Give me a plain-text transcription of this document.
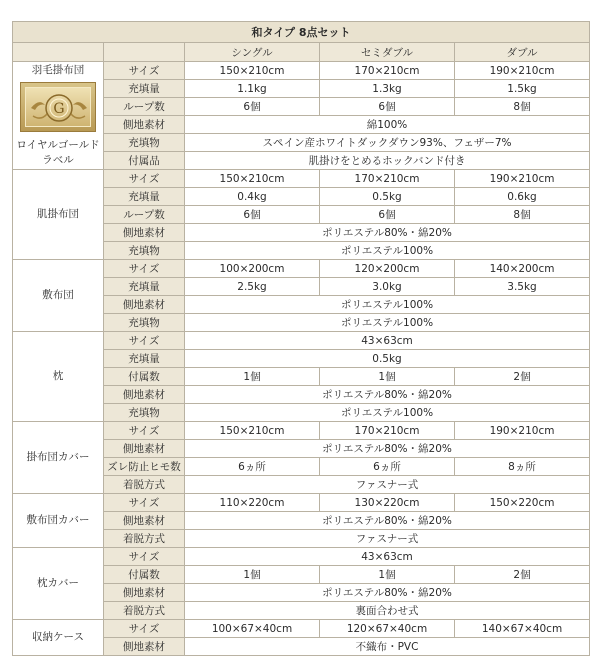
和タイプ 8点セット				
		シングル	セミダブル	ダブル

羽毛掛布団
G
ロイヤルゴールド
ラベル	サイズ	150×210cm	170×210cm	190×210cm
	充填量	1.1kg	1.3kg	1.5kg
	ループ数	6個	6個	8個
	側地素材	綿100%		
	充填物	スペイン産ホワイトダックダウン93%、フェザー7%		
	付属品	肌掛けをとめるホックバンド付き		
肌掛布団	サイズ	150×210cm	170×210cm	190×210cm
	充填量	0.4kg	0.5kg	0.6kg
	ループ数	6個	6個	8個
	側地素材	ポリエステル80%・綿20%		
	充填物	ポリエステル100%		
敷布団	サイズ	100×200cm	120×200cm	140×200cm
	充填量	2.5kg	3.0kg	3.5kg
	側地素材	ポリエステル100%		
	充填物	ポリエステル100%		
枕	サイズ	43×63cm		
	充填量	0.5kg		
	付属数	1個	1個	2個
	側地素材	ポリエステル80%・綿20%		
	充填物	ポリエステル100%		
掛布団カバー	サイズ	150×210cm	170×210cm	190×210cm
	側地素材	ポリエステル80%・綿20%		
	ズレ防止ヒモ数	6ヵ所	6ヵ所	8ヵ所
	着脱方式	ファスナー式		
敷布団カバー	サイズ	110×220cm	130×220cm	150×220cm
	側地素材	ポリエステル80%・綿20%		
	着脱方式	ファスナー式		
枕カバー	サイズ	43×63cm		
	付属数	1個	1個	2個
	側地素材	ポリエステル80%・綿20%		
	着脱方式	裏面合わせ式		
収納ケース	サイズ	100×67×40cm	120×67×40cm	140×67×40cm
	側地素材	不織布・PVC		
